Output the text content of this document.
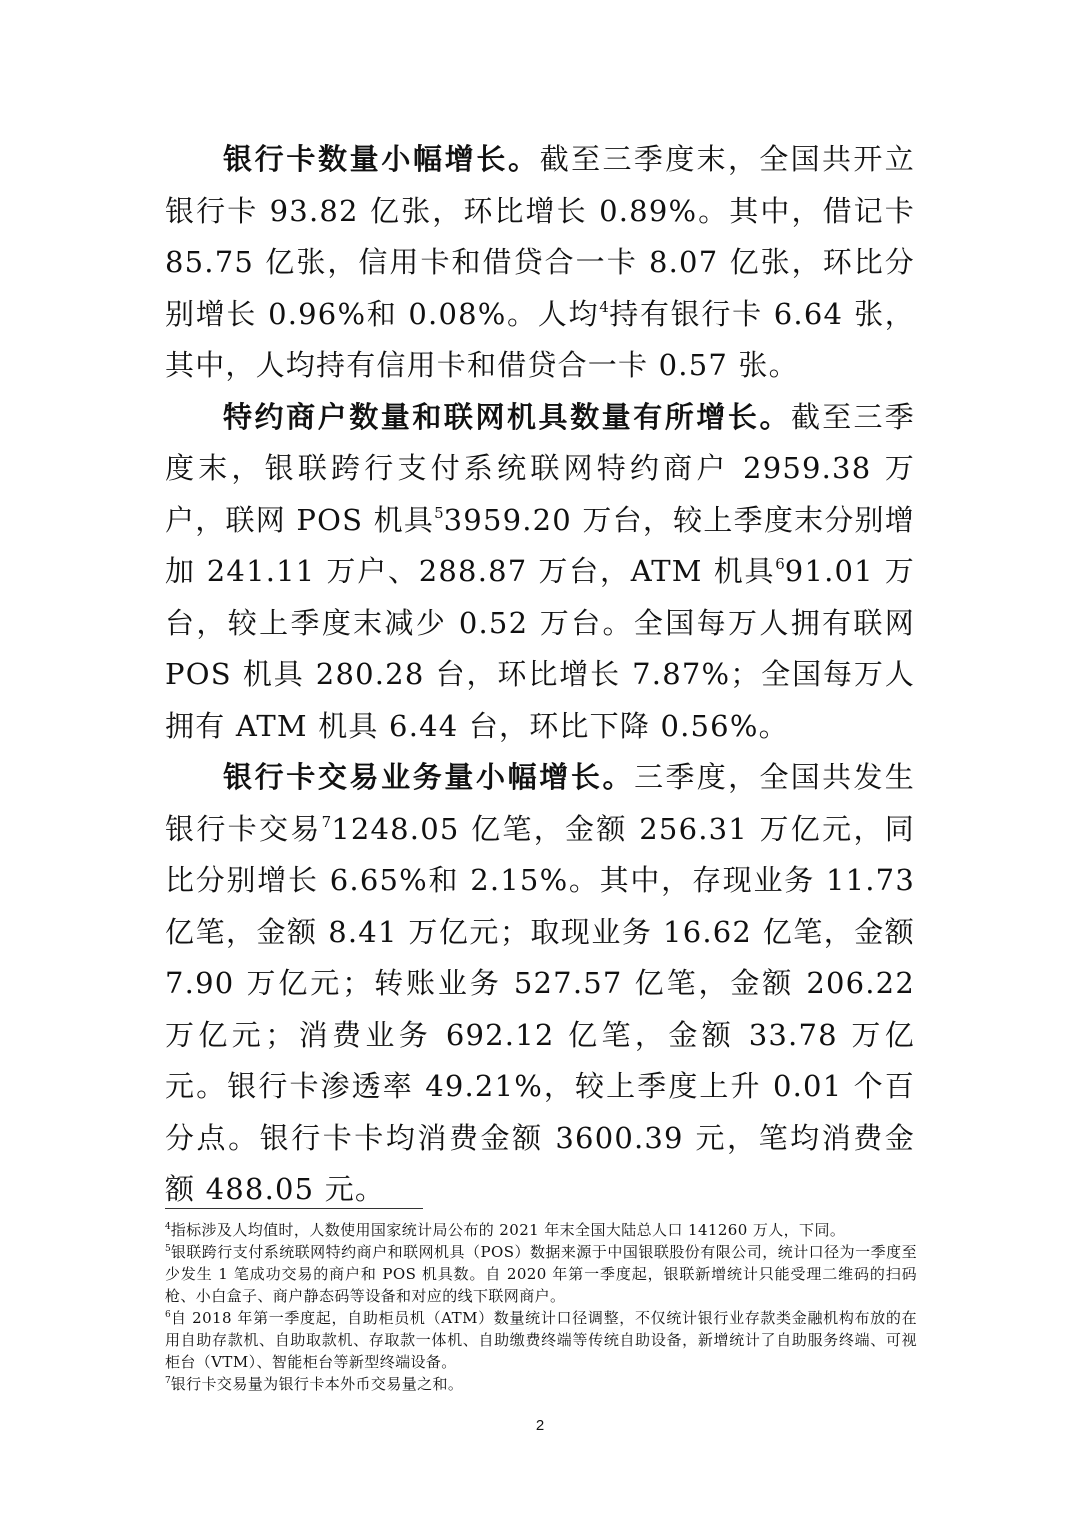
银行卡数量小幅增长。截至三季度末，全国共开立银行卡 93.82 亿张，环比增长 0.89%。其中，借记卡 85.75 亿张，信用卡和借贷合一卡 8.07 亿张，环比分别增长 0.96%和 0.08%。人均$^4$持有银行卡 6.64 张，其中，人均持有信用卡和借贷合一卡 0.57 张。

特约商户数量和联网机具数量有所增长。截至三季度末，银联跨行支付系统联网特约商户 2959.38 万户，联网 POS 机具$^5$3959.20 万台，较上季度末分别增加 241.11 万户、288.87 万台，ATM 机具$^6$91.01 万台，较上季度末减少 0.52 万台。全国每万人拥有联网 POS 机具 280.28 台，环比增长 7.87%；全国每万人拥有 ATM 机具 6.44 台，环比下降 0.56%。

银行卡交易业务量小幅增长。三季度，全国共发生银行卡交易$^7$1248.05 亿笔，金额 256.31 万亿元，同比分别增长 6.65%和 2.15%。其中，存现业务 11.73 亿笔，金额 8.41 万亿元；取现业务 16.62 亿笔，金额 7.90 万亿元；转账业务 527.57 亿笔，金额 206.22 万亿元；消费业务 692.12 亿笔，金额 33.78 万亿元。银行卡渗透率 49.21%，较上季度上升 0.01 个百分点。银行卡卡均消费金额 3600.39 元，笔均消费金额 488.05 元。

$^4$指标涉及人均值时，人数使用国家统计局公布的 2021 年末全国大陆总人口 141260 万人，下同。

$^5$银联跨行支付系统联网特约商户和联网机具（POS）数据来源于中国银联股份有限公司，统计口径为一季度至少发生 1 笔成功交易的商户和 POS 机具数。自 2020 年第一季度起，银联新增统计只能受理二维码的扫码枪、小白盒子、商户静态码等设备和对应的线下联网商户。

$^6$自 2018 年第一季度起，自助柜员机（ATM）数量统计口径调整，不仅统计银行业存款类金融机构布放的在用自助存款机、自助取款机、存取款一体机、自助缴费终端等传统自助设备，新增统计了自助服务终端、可视柜台（VTM）、智能柜台等新型终端设备。

$^7$银行卡交易量为银行卡本外币交易量之和。

2
